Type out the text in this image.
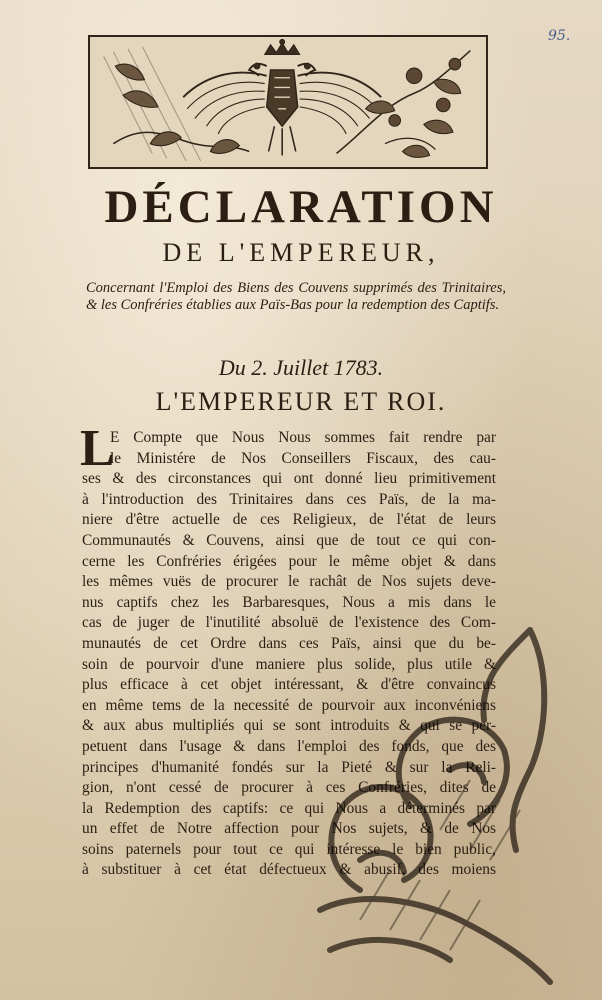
95.
DÉCLARATION
DE L'EMPEREUR,
Concernant l'Emploi des Biens des Couvens supprimés des Trinitaires, & les Confréries établies aux Païs-Bas pour la redemption des Captifs.
Du 2. Juillet 1783.
L'EMPEREUR ET ROI.
L
E Compte que Nous Nous sommes fait rendre par
le Ministére de Nos Conseillers Fiscaux, des cau-
ses & des circonstances qui ont donné lieu primitivement
à l'introduction des Trinitaires dans ces Païs, de la ma-
niere d'être actuelle de ces Religieux, de l'état de leurs
Communautés & Couvens, ainsi que de tout ce qui con-
cerne les Confréries érigées pour le même objet & dans
les mêmes vuës de procurer le rachât de Nos sujets deve-
nus captifs chez les Barbaresques, Nous a mis dans le
cas de juger de l'inutilité absoluë de l'existence des Com-
munautés de cet Ordre dans ces Païs, ainsi que du be-
soin de pourvoir d'une maniere plus solide, plus utile &
plus efficace à cet objet intéressant, & d'être convaincus
en même tems de la necessité de pourvoir aux inconvéniens
& aux abus multipliés qui se sont introduits & qui se per-
petuent dans l'usage & dans l'emploi des fonds, que des
principes d'humanité fondés sur la Pieté & sur la Reli-
gion, n'ont cessé de procurer à ces Confréries, dites de
la Redemption des captifs: ce qui Nous a déterminés par
un effet de Notre affection pour Nos sujets, & de Nos
soins paternels pour tout ce qui intéresse le bien public,
à substituer à cet état défectueux & abusif, des moiens
